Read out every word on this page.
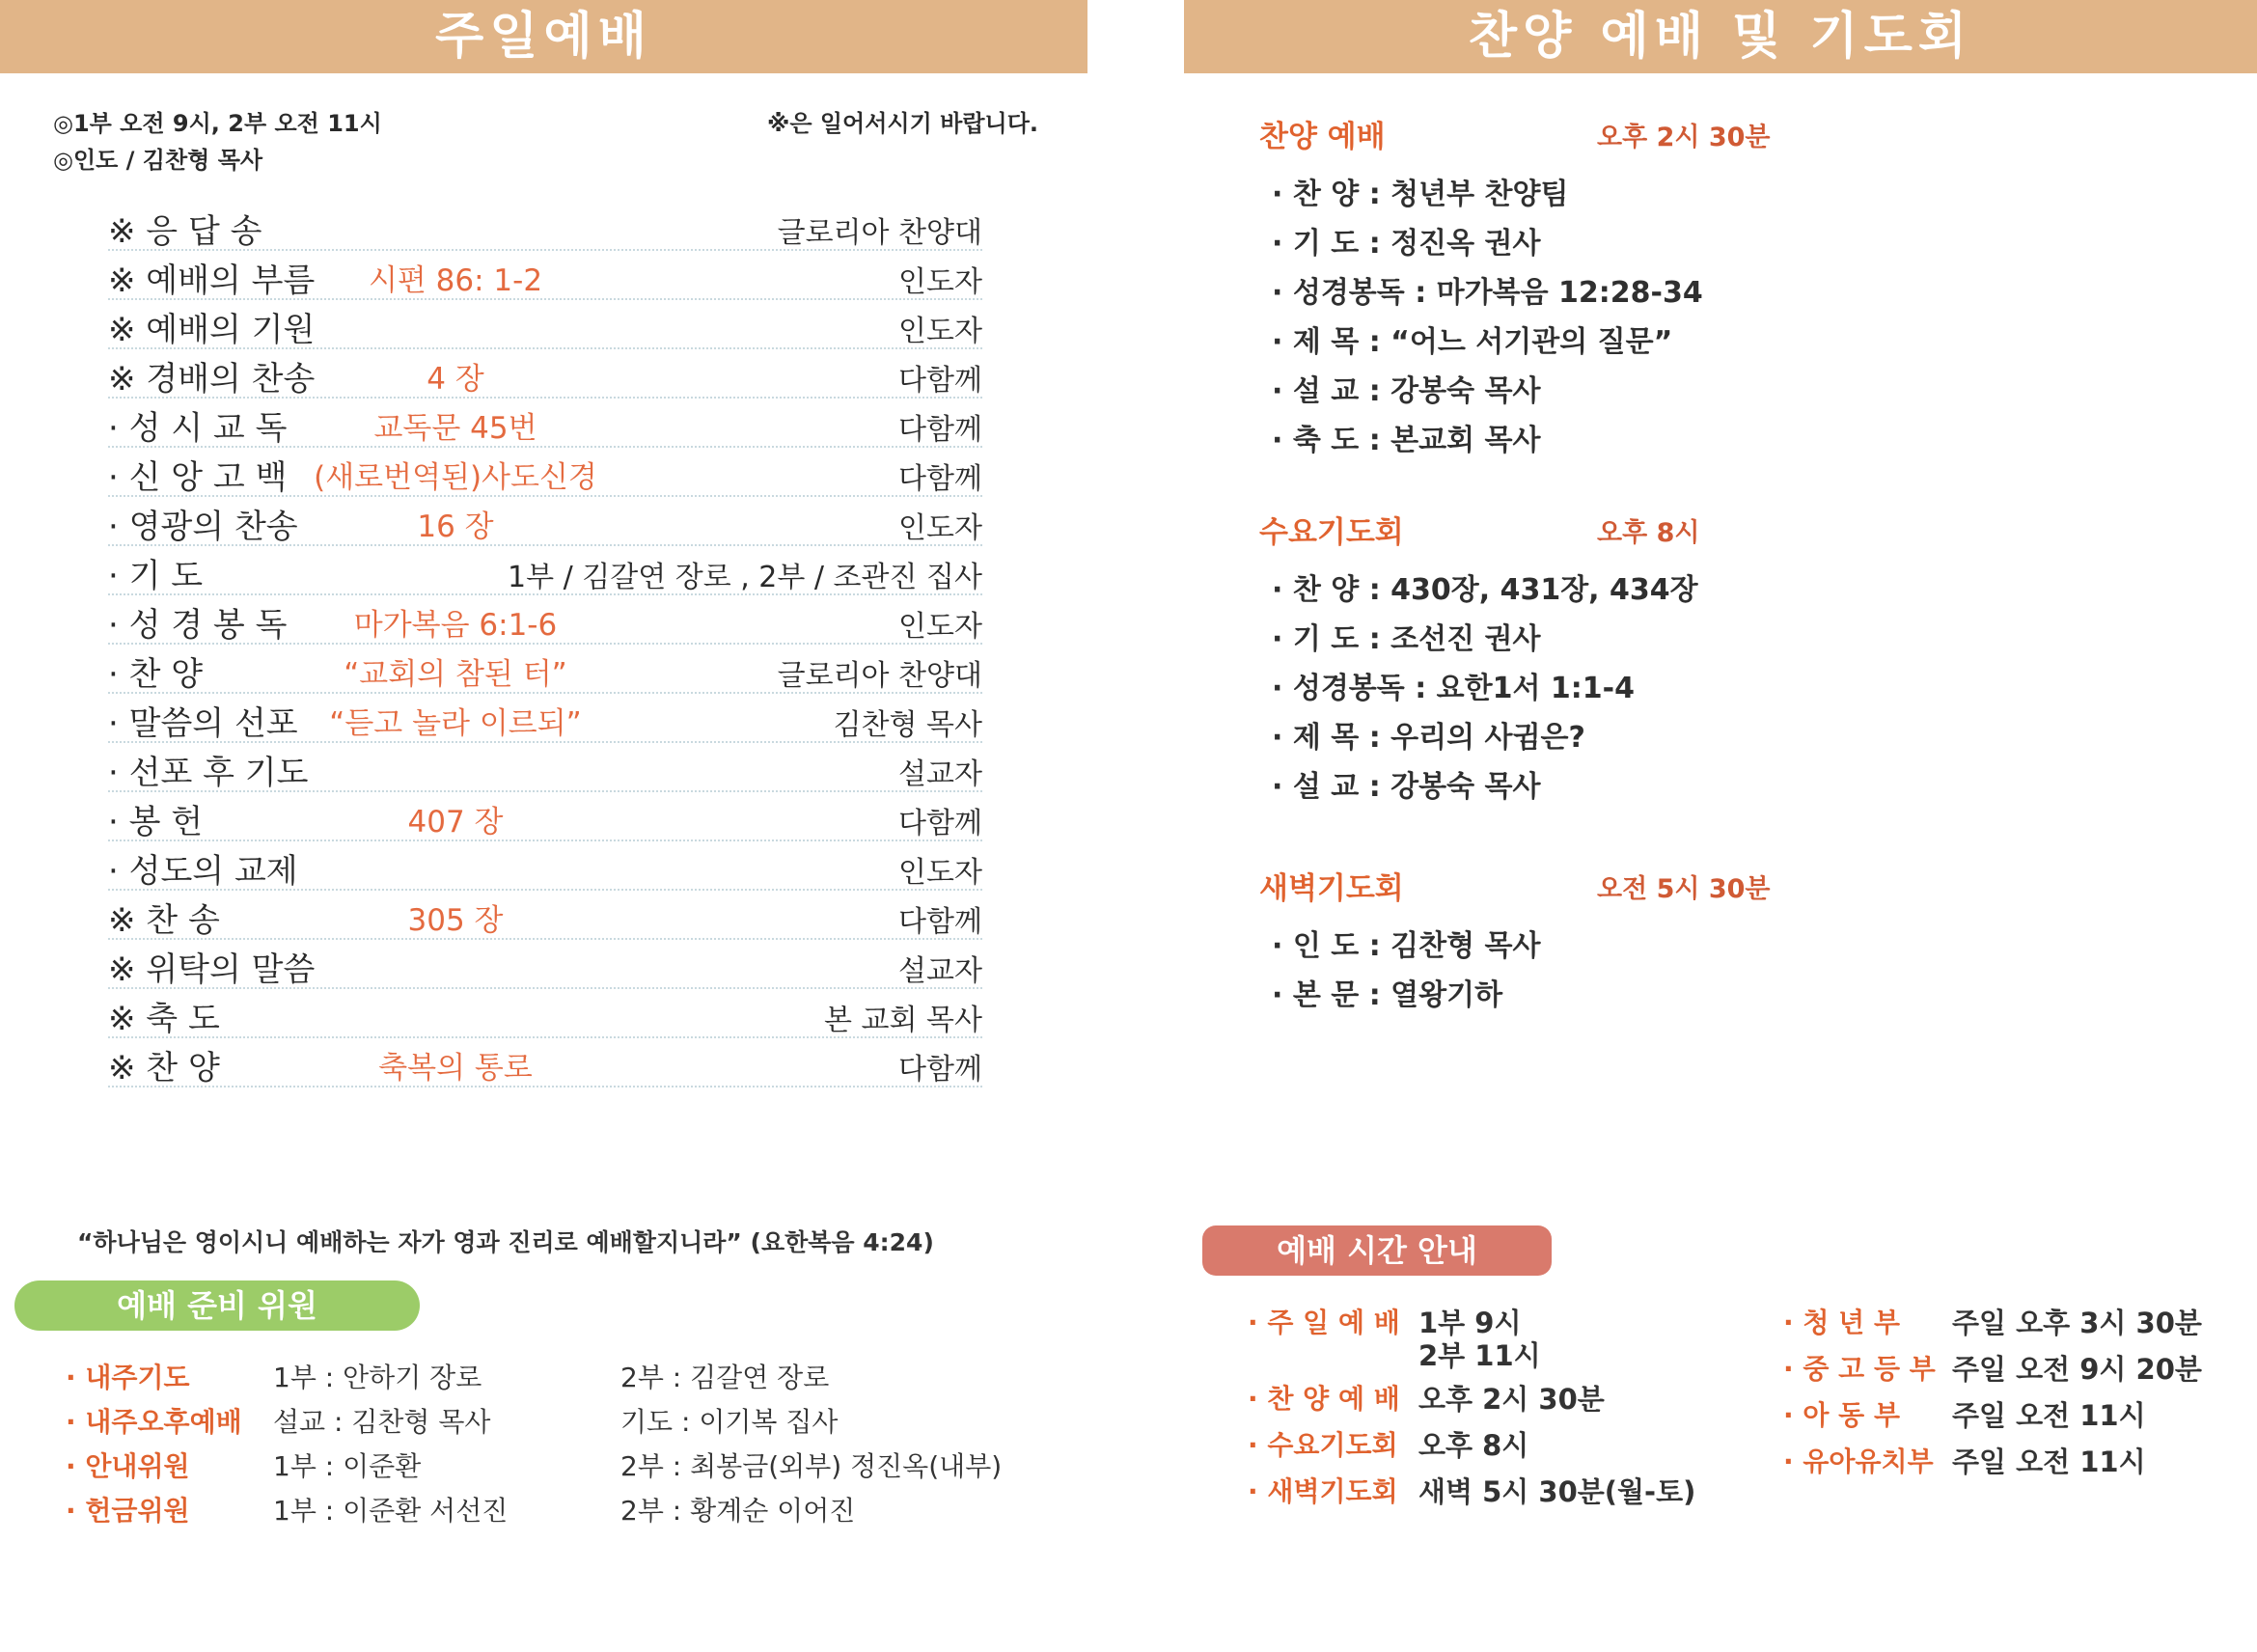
주일예배
◎1부 오전 9시, 2부 오전 11시
◎인도 / 김찬형 목사
※은 일어서시기 바랍니다.
※ 응 답 송	글로리아 찬양대
※ 예배의 부름	시편 86: 1-2	인도자
※ 예배의 기원	인도자
※ 경배의 찬송	4 장	다함께
· 성 시 교 독	교독문 45번	다함께
· 신 앙 고 백 (새로번역된)사도신경	다함께
· 영광의 찬송	16 장	인도자
· 기 도	1부 / 김갈연 장로 , 2부 / 조관진 집사
· 성 경 봉 독	마가복음 6:1-6	인도자
· 찬 양	“교회의 참된 터”	글로리아 찬양대
· 말씀의 선포	“듣고 놀라 이르되”	김찬형 목사
· 선포 후 기도	설교자
· 봉 헌	407 장	다함께
· 성도의 교제	인도자
※ 찬 송	305 장	다함께
※ 위탁의 말씀	설교자
※ 축 도	본 교회 목사
※ 찬 양	축복의 통로	다함께
“하나님은 영이시니 예배하는 자가 영과 진리로 예배할지니라” (요한복음 4:24)
예배 준비 위원
· 내주기도	1부 : 안하기 장로	2부 : 김갈연 장로
· 내주오후예배 설교 : 김찬형 목사	기도 : 이기복 집사
· 안내위원	1부 : 이준환	2부 : 최봉금(외부) 정진옥(내부)
· 헌금위원	1부 : 이준환 서선진	2부 : 황계순 이어진
찬양 예배 및 기도회
찬양 예배	오후 2시 30분
· 찬 양 : 청년부 찬양팀
· 기 도 : 정진옥 권사
· 성경봉독 : 마가복음 12:28-34
· 제 목 : “어느 서기관의 질문”
· 설 교 : 강봉숙 목사
· 축 도 : 본교회 목사
수요기도회	오후 8시
· 찬 양 : 430장, 431장, 434장
· 기 도 : 조선진 권사
· 성경봉독 : 요한1서 1:1-4
· 제 목 : 우리의 사귐은?
· 설 교 : 강봉숙 목사
새벽기도회	오전 5시 30분
· 인 도 : 김찬형 목사
· 본 문 : 열왕기하
예배 시간 안내
· 주 일 예 배 1부 9시
2부 11시
· 찬 양 예 배 오후 2시 30분
· 수요기도회 오후 8시
· 새벽기도회 새벽 5시 30분(월-토)
· 청 년 부 주일 오후 3시 30분
· 중 고 등 부 주일 오전 9시 20분
· 아 동 부 주일 오전 11시
· 유아유치부 주일 오전 11시
